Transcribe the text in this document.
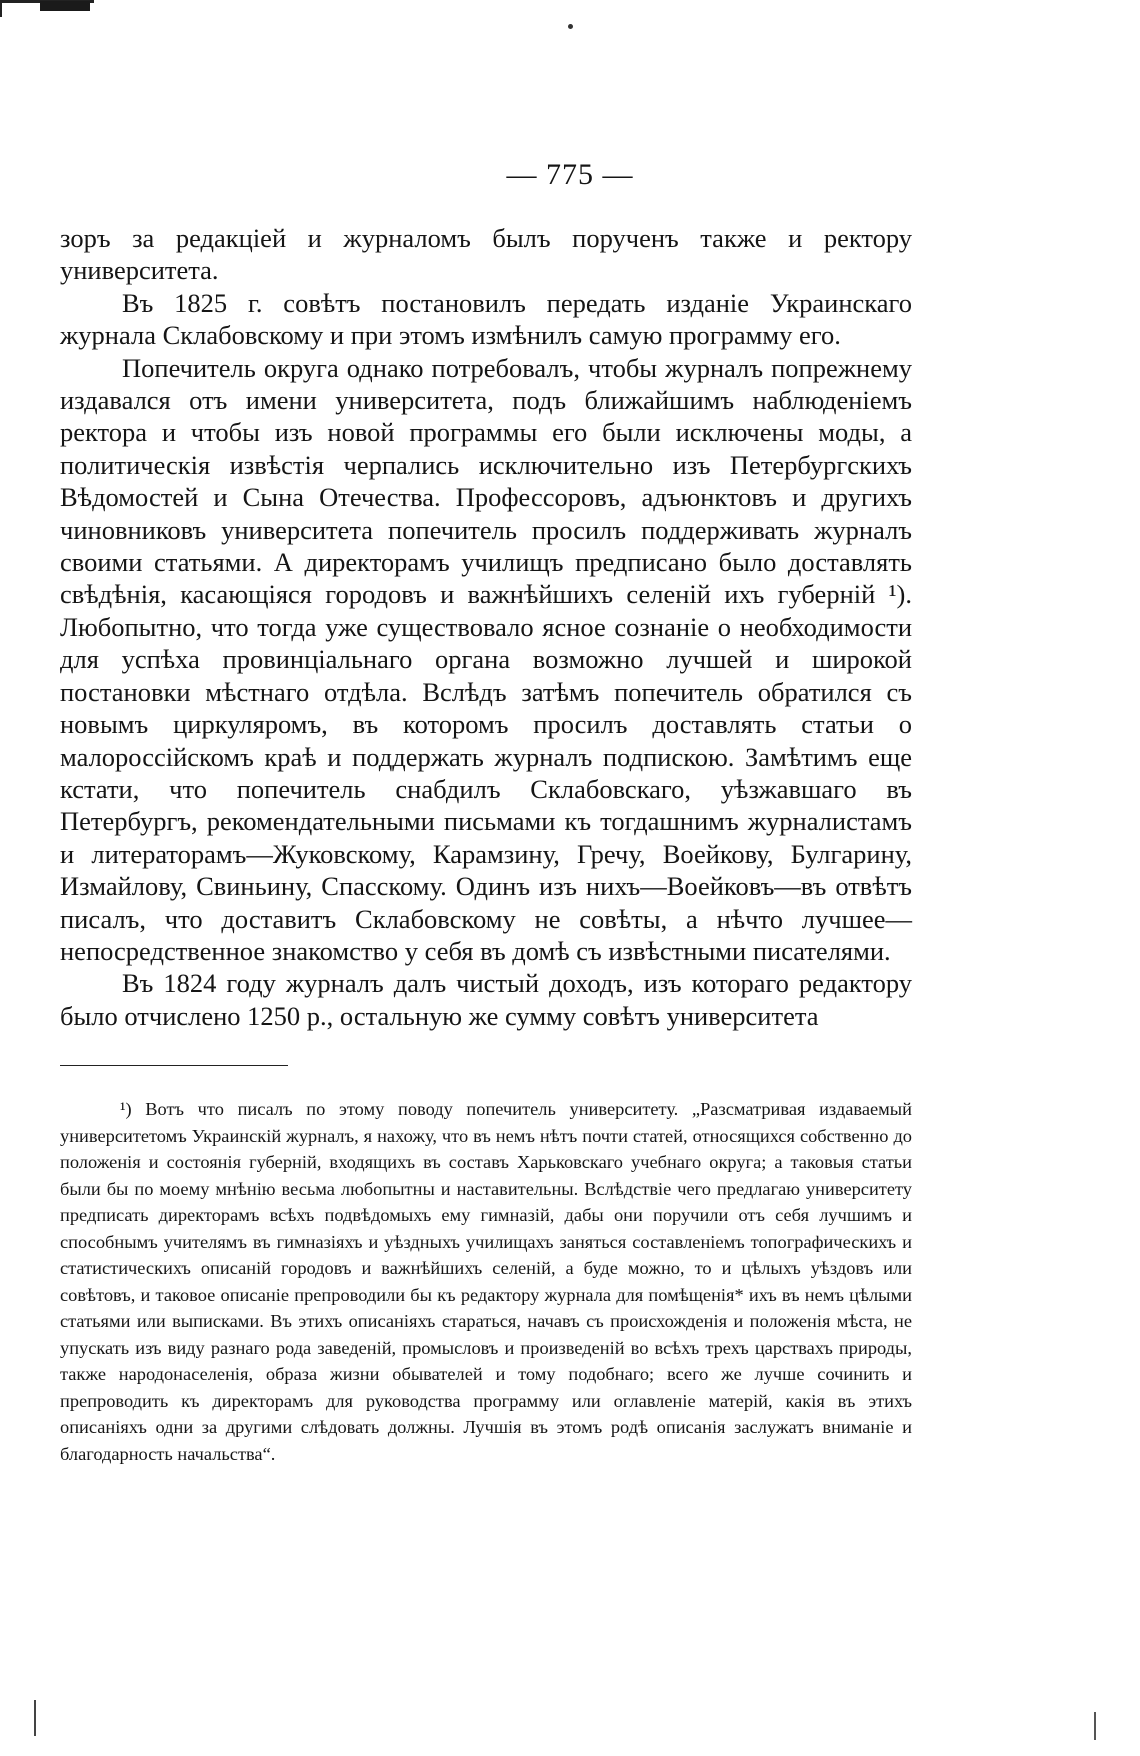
— 775 —

зоръ за редакціей и журналомъ былъ порученъ также и ректору университета.

Въ 1825 г. совѣтъ постановилъ передать изданіе Украинскаго журнала Склабовскому и при этомъ измѣнилъ самую программу его.

Попечитель округа однако потребовалъ, чтобы журналъ попрежнему издавался отъ имени университета, подъ ближайшимъ наблюденіемъ ректора и чтобы изъ новой программы его были исключены моды, а политическія извѣстія черпались исключительно изъ Петербургскихъ Вѣдомостей и Сына Отечества. Профессоровъ, адъюнктовъ и другихъ чиновниковъ университета попечитель просилъ поддерживать журналъ своими статьями. А директорамъ училищъ предписано было доставлять свѣдѣнія, касающіяся городовъ и важнѣйшихъ селеній ихъ губерній ¹). Любопытно, что тогда уже существовало ясное сознаніе о необходимости для успѣха провинціальнаго органа возможно лучшей и широкой постановки мѣстнаго отдѣла. Вслѣдъ затѣмъ попечитель обратился съ новымъ циркуляромъ, въ которомъ просилъ доставлять статьи о малороссійскомъ краѣ и поддержать журналъ подпискою. Замѣтимъ еще кстати, что попечитель снабдилъ Склабовскаго, уѣзжавшаго въ Петербургъ, рекомендательными письмами къ тогдашнимъ журналистамъ и литераторамъ—Жуковскому, Карамзину, Гречу, Воейкову, Булгарину, Измайлову, Свиньину, Спасскому. Одинъ изъ нихъ—Воейковъ—въ отвѣтъ писалъ, что доставитъ Склабовскому не совѣты, а нѣчто лучшее—непосредственное знакомство у себя въ домѣ съ извѣстными писателями.

Въ 1824 году журналъ далъ чистый доходъ, изъ котораго редактору было отчислено 1250 р., остальную же сумму совѣтъ университета

¹) Вотъ что писалъ по этому поводу попечитель университету. „Разсматривая издаваемый университетомъ Украинскій журналъ, я нахожу, что въ немъ нѣтъ почти статей, относящихся собственно до положенія и состоянія губерній, входящихъ въ составъ Харьковскаго учебнаго округа; а таковыя статьи были бы по моему мнѣнію весьма любопытны и наставительны. Вслѣдствіе чего предлагаю университету предписать директорамъ всѣхъ подвѣдомыхъ ему гимназій, дабы они поручили отъ себя лучшимъ и способнымъ учителямъ въ гимназіяхъ и уѣздныхъ училищахъ заняться составленіемъ топографическихъ и статистическихъ описаній городовъ и важнѣйшихъ селеній, а буде можно, то и цѣлыхъ уѣздовъ или совѣтовъ, и таковое описаніе препроводили бы къ редактору журнала для помѣщенія* ихъ въ немъ цѣлыми статьями или выписками. Въ этихъ описаніяхъ стараться, начавъ съ происхожденія и положенія мѣста, не упускать изъ виду разнаго рода заведеній, промысловъ и произведеній во всѣхъ трехъ царствахъ природы, также народонаселенія, образа жизни обывателей и тому подобнаго; всего же лучше сочинить и препроводить къ директорамъ для руководства программу или оглавленіе матерій, какія въ этихъ описаніяхъ одни за другими слѣдовать должны. Лучшія въ этомъ родѣ описанія заслужатъ вниманіе и благодарность начальства“.
